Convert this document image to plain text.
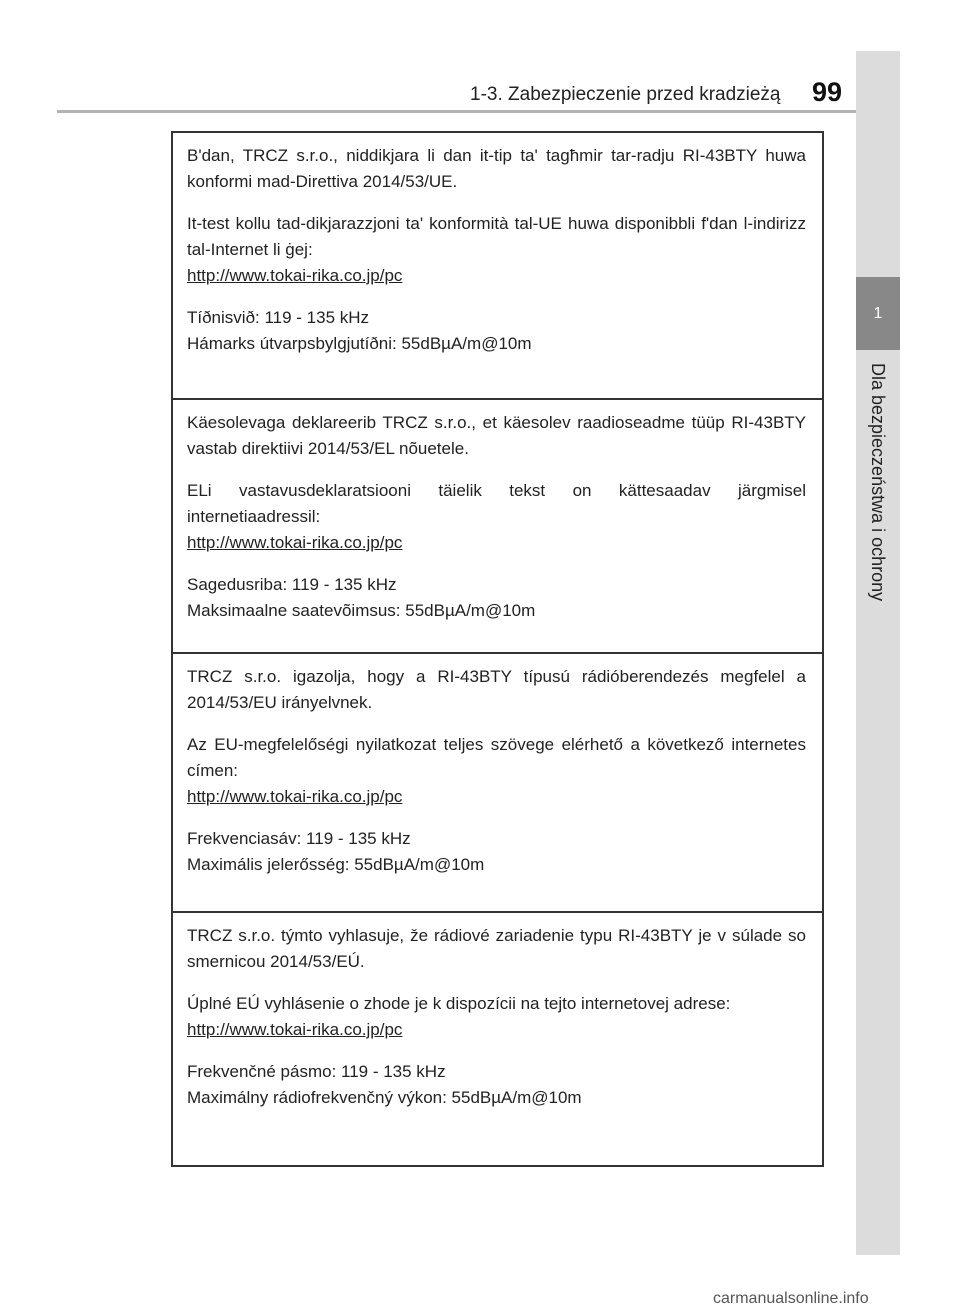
1-3. Zabezpieczenie przed kradzieżą 99
1
Dla bezpieczeństwa i ochrony

B'dan, TRCZ s.r.o., niddikjara li dan it-tip ta' tagħmir tar-radju RI-43BTY huwa konformi mad-Direttiva 2014/53/UE.

It-test kollu tad-dikjarazzjoni ta' konformità tal-UE huwa disponibbli f'dan l-indirizz tal-Internet li ġej:

http://www.tokai-rika.co.jp/pc

Tíðnisvið: 119 - 135 kHz

Hámarks útvarpsbylgjutíðni: 55dBµA/m@10m

Käesolevaga deklareerib TRCZ s.r.o., et käesolev raadioseadme tüüp RI-43BTY vastab direktiivi 2014/53/EL nõuetele.

ELi vastavusdeklaratsiooni täielik tekst on kättesaadav järgmisel internetiaadressil:

http://www.tokai-rika.co.jp/pc

Sagedusriba: 119 - 135 kHz

Maksimaalne saatevõimsus: 55dBµA/m@10m

TRCZ s.r.o. igazolja, hogy a RI-43BTY típusú rádióberendezés megfelel a 2014/53/EU irányelvnek.

Az EU-megfelelőségi nyilatkozat teljes szövege elérhető a következő internetes címen:

http://www.tokai-rika.co.jp/pc

Frekvenciasáv: 119 - 135 kHz

Maximális jelerősség: 55dBµA/m@10m

TRCZ s.r.o. týmto vyhlasuje, že rádiové zariadenie typu RI-43BTY je v súlade so smernicou 2014/53/EÚ.

Úplné EÚ vyhlásenie o zhode je k dispozícii na tejto internetovej adrese:

http://www.tokai-rika.co.jp/pc

Frekvenčné pásmo: 119 - 135 kHz

Maximálny rádiofrekvenčný výkon: 55dBµA/m@10m

carmanualsonline.info
